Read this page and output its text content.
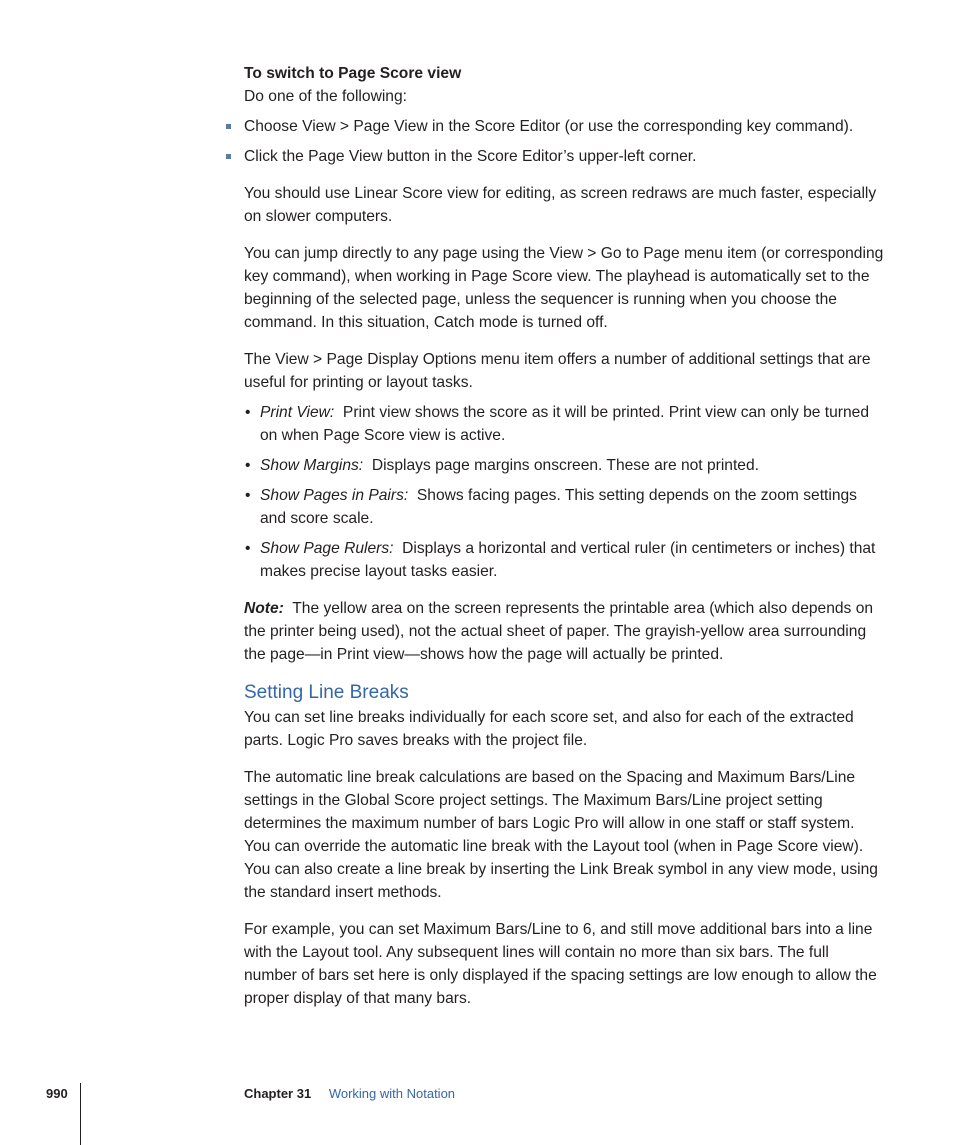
To switch to Page Score view

Do one of the following:

Choose View > Page View in the Score Editor (or use the corresponding key command).
Click the Page View button in the Score Editor’s upper-left corner.

You should use Linear Score view for editing, as screen redraws are much faster, especially on slower computers.

You can jump directly to any page using the View > Go to Page menu item (or corresponding key command), when working in Page Score view. The playhead is automatically set to the beginning of the selected page, unless the sequencer is running when you choose the command. In this situation, Catch mode is turned off.

The View > Page Display Options menu item offers a number of additional settings that are useful for printing or layout tasks.

• Print View: Print view shows the score as it will be printed. Print view can only be turned on when Page Score view is active.
• Show Margins: Displays page margins onscreen. These are not printed.
• Show Pages in Pairs: Shows facing pages. This setting depends on the zoom settings and score scale.
• Show Page Rulers: Displays a horizontal and vertical ruler (in centimeters or inches) that makes precise layout tasks easier.

Note: The yellow area on the screen represents the printable area (which also depends on the printer being used), not the actual sheet of paper. The grayish-yellow area surrounding the page—in Print view—shows how the page will actually be printed.

Setting Line Breaks

You can set line breaks individually for each score set, and also for each of the extracted parts. Logic Pro saves breaks with the project file.

The automatic line break calculations are based on the Spacing and Maximum Bars/Line settings in the Global Score project settings. The Maximum Bars/Line project setting determines the maximum number of bars Logic Pro will allow in one staff or staff system. You can override the automatic line break with the Layout tool (when in Page Score view). You can also create a line break by inserting the Link Break symbol in any view mode, using the standard insert methods.

For example, you can set Maximum Bars/Line to 6, and still move additional bars into a line with the Layout tool. Any subsequent lines will contain no more than six bars. The full number of bars set here is only displayed if the spacing settings are low enough to allow the proper display of that many bars.

990	Chapter 31 Working with Notation
